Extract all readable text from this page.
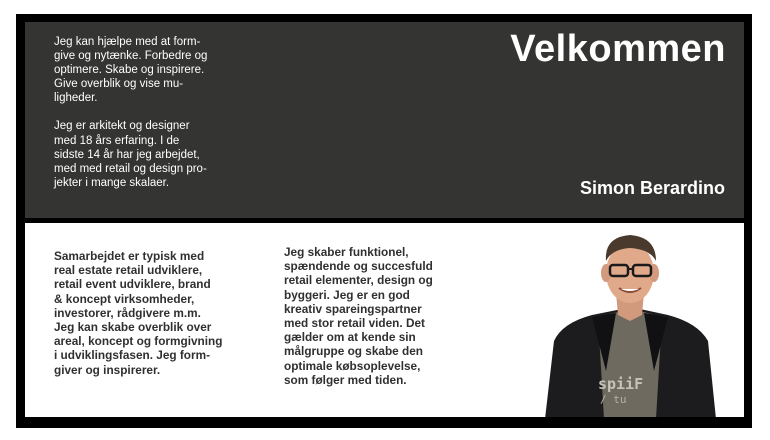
Jeg kan hjælpe med at form-
give og nytænke. Forbedre og
optimere. Skabe og inspirere.
Give overblik og vise mu-
ligheder.

Jeg er arkitekt og designer
med 18 års erfaring. I de
sidste 14 år har jeg arbejdet,
med med retail og design pro-
jekter i mange skalaer.

Velkommen
Simon Berardino
Samarbejdet er typisk med
real estate retail udviklere,
retail event udviklere, brand
& koncept virksomheder,
investorer, rådgivere m.m.
Jeg kan skabe overblik over
areal, koncept og formgivning
i udviklingsfasen. Jeg form-
giver og inspirerer.
Jeg skaber funktionel,
spændende og succesfuld
retail elementer, design og
byggeri. Jeg er en god
kreativ spareingspartner
med stor retail viden. Det
gælder om at kende sin
målgruppe og skabe den
optimale købsoplevelse,
som følger med tiden.	spiiF
/ tu
